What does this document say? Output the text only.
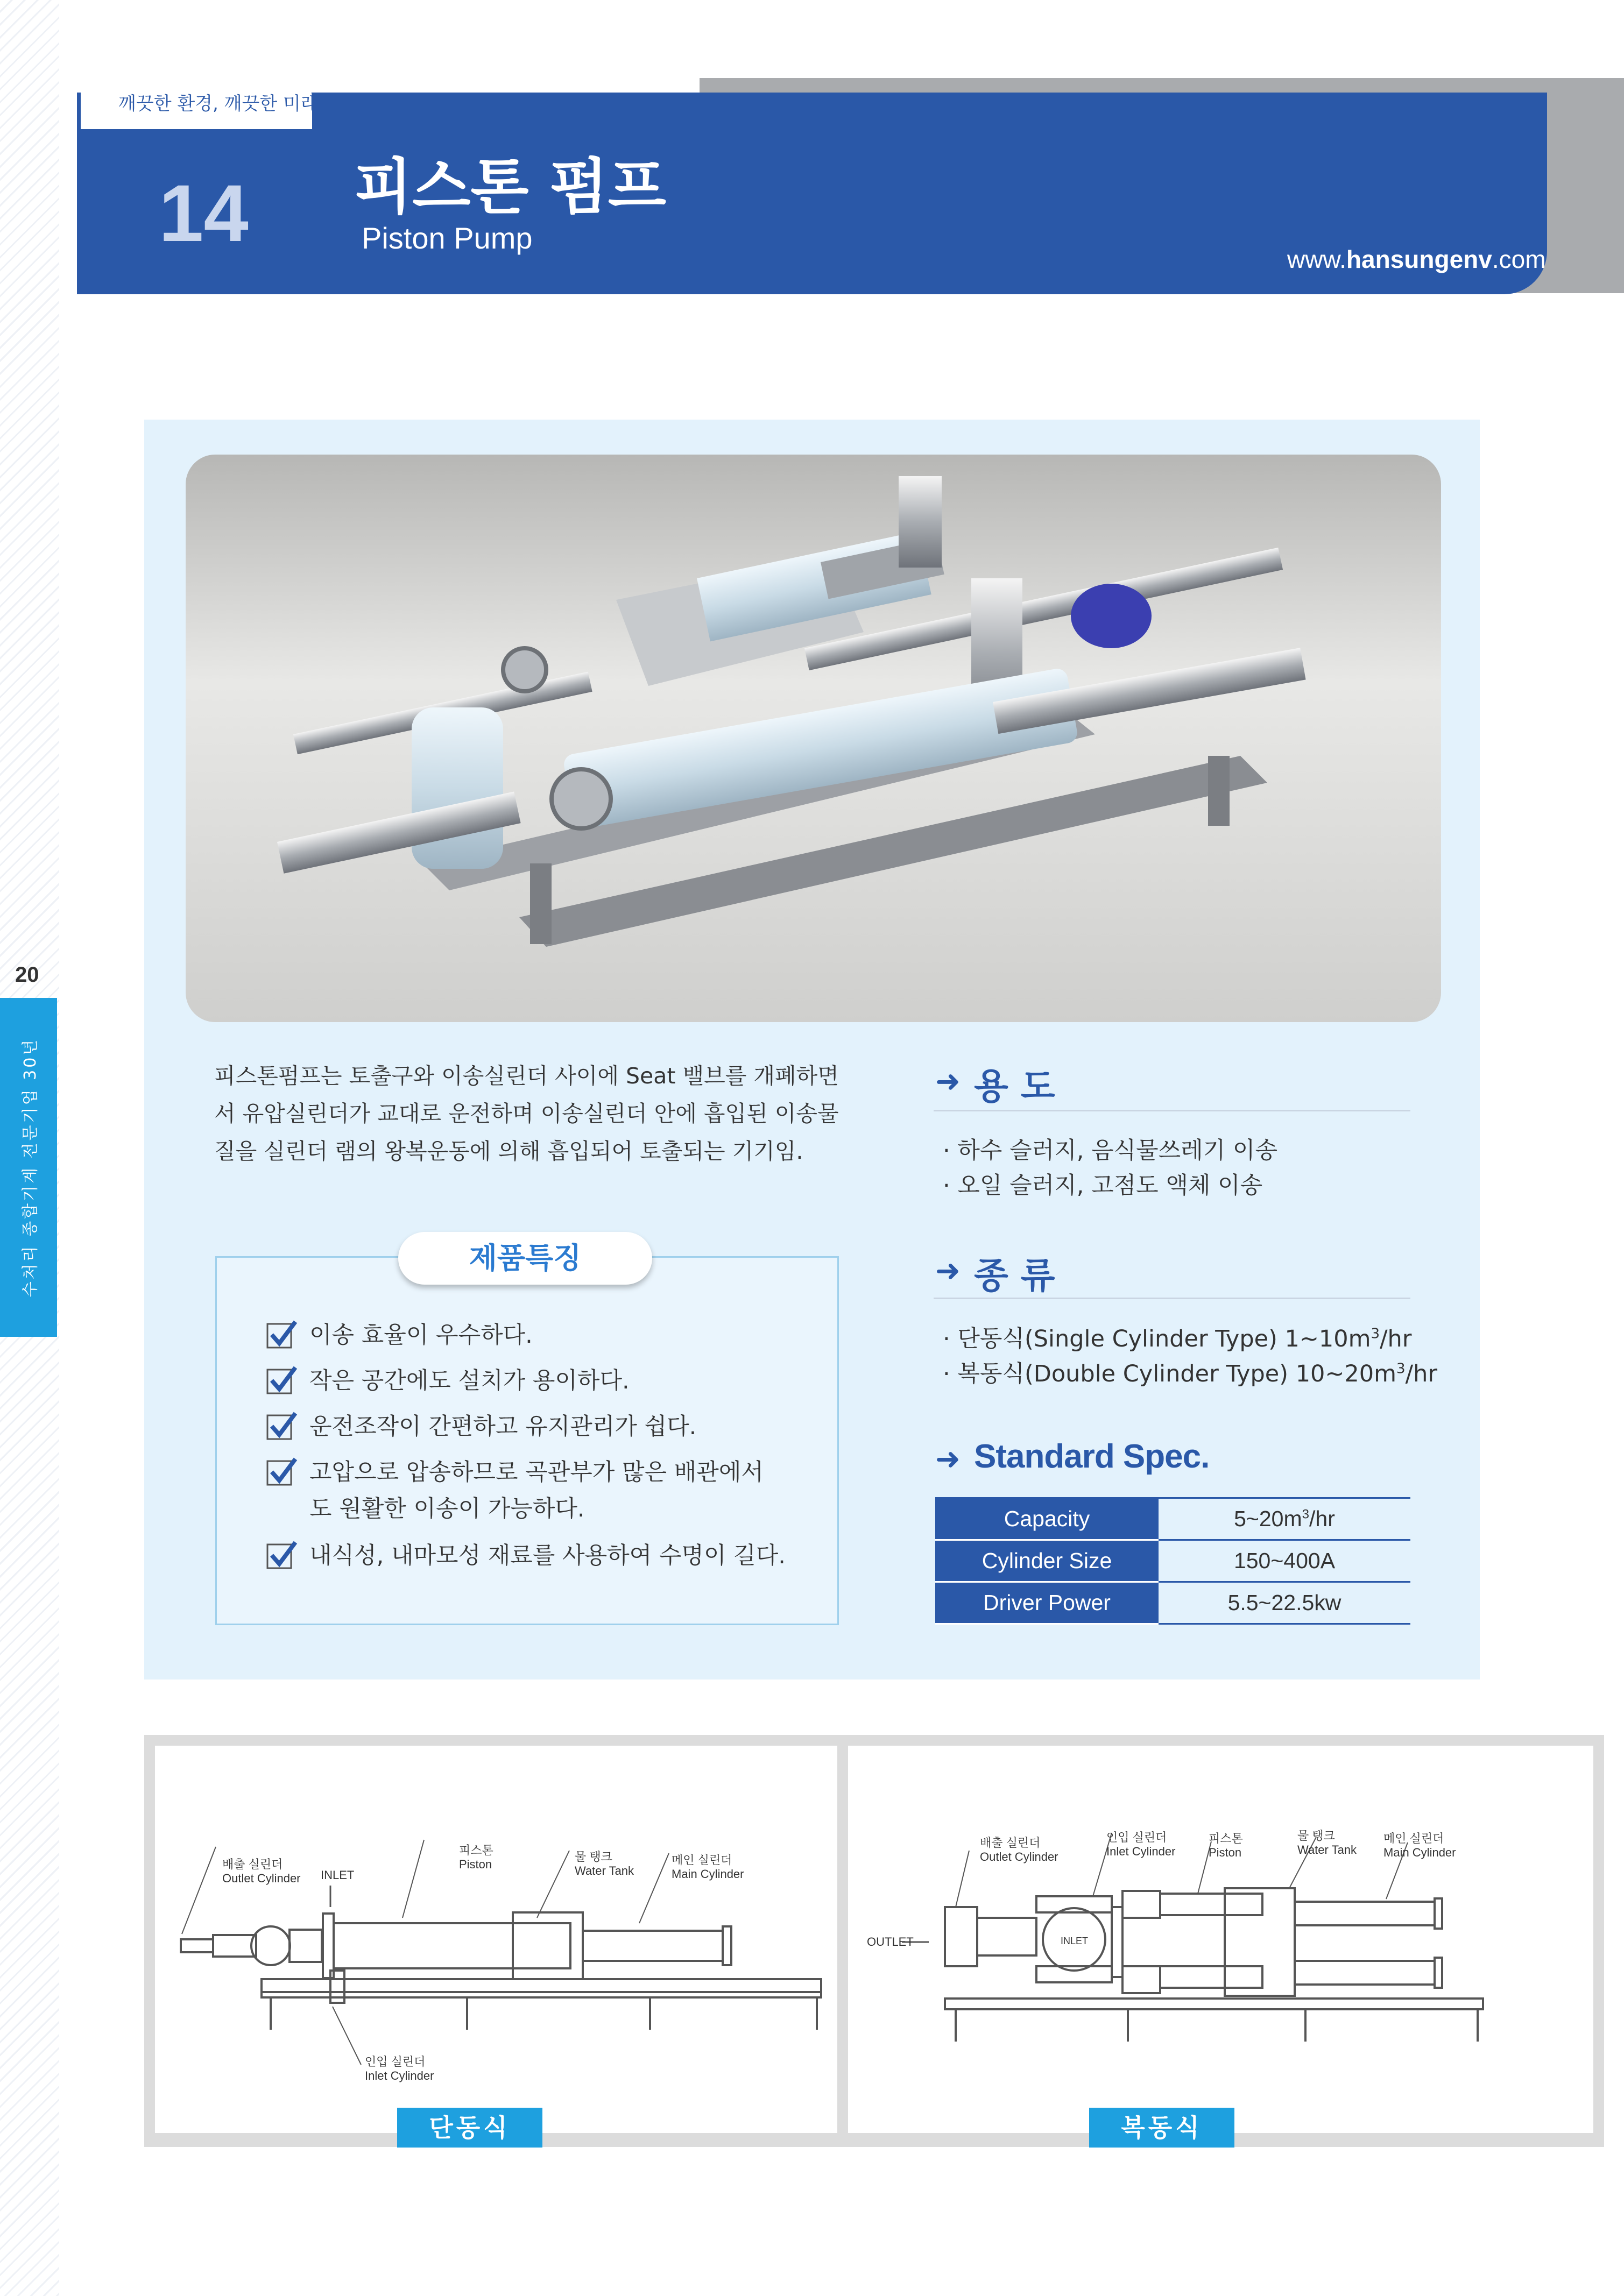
깨끗한 환경, 깨끗한 미래
14 피스톤 펌프
Piston Pump
www.hansungenv.com
20
수처리 종합기계 전문기업 30년	피스톤펌프는 토출구와 이송실린더 사이에 Seat 밸브를 개폐하면서 유압실린더가 교대로 운전하며 이송실린더 안에 흡입된 이송물질을 실린더 램의 왕복운동에 의해 흡입되어 토출되는 기기임.
제품특징
이송 효율이 우수하다.
작은 공간에도 설치가 용이하다.
운전조작이 간편하고 유지관리가 쉽다.
고압으로 압송하므로 곡관부가 많은 배관에서도 원활한 이송이 가능하다.
내식성, 내마모성 재료를 사용하여 수명이 길다.
➜ 용 도
· 하수 슬러지, 음식물쓰레기 이송
· 오일 슬러지, 고점도 액체 이송
➜ 종 류
· 단동식(Single Cylinder Type) $1\sim 10m^3/hr$
· 복동식(Double Cylinder Type) $10\sim 20m^3/hr$
➜ Standard Spec.
Capacity	$5\sim 20m^3/hr$
Cylinder Size	150~400A
Driver Power	5.5~22.5kw
배출 실린더
Outlet Cylinder INLET
피스톤
Piston
물 탱크
Water Tank
메인 실린더
Main Cylinder
인입 실린더
Inlet Cylinder
단동식
배출 실린더
Outlet Cylinder
인입 실린더
Inlet Cylinder
피스톤
Piston
물 탱크
Water Tank
메인 실린더
Main Cylinder
OUTLET	INLET
복동식
